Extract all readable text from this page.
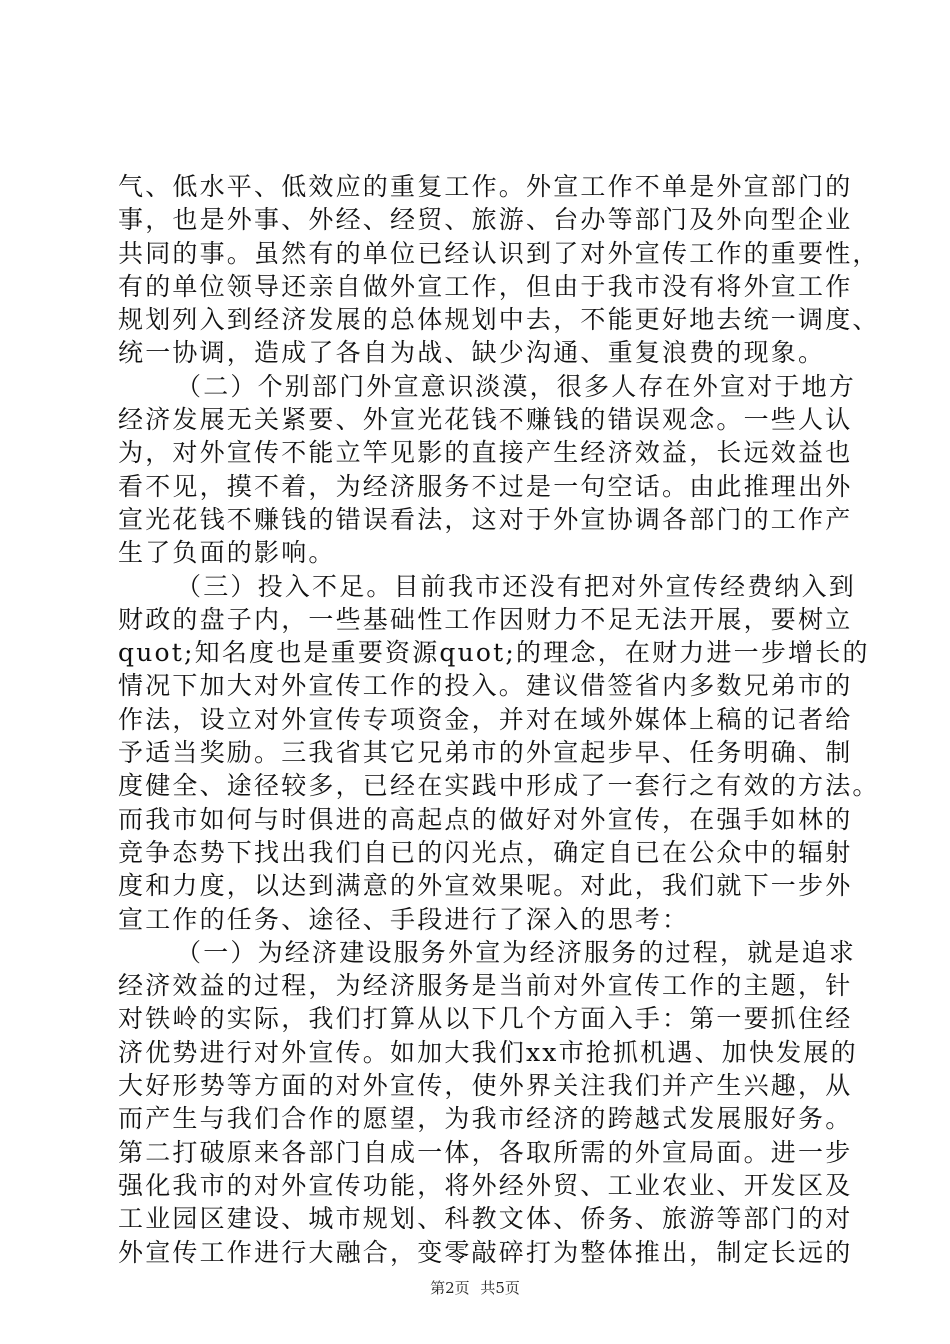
气、低水平、低效应的重复工作。外宣工作不单是外宣部门的
事，也是外事、外经、经贸、旅游、台办等部门及外向型企业
共同的事。虽然有的单位已经认识到了对外宣传工作的重要性，
有的单位领导还亲自做外宣工作，但由于我市没有将外宣工作
规划列入到经济发展的总体规划中去，不能更好地去统一调度、
统一协调，造成了各自为战、缺少沟通、重复浪费的现象。
（二）个别部门外宣意识淡漠，很多人存在外宣对于地方
经济发展无关紧要、外宣光花钱不赚钱的错误观念。一些人认
为，对外宣传不能立竿见影的直接产生经济效益，长远效益也
看不见，摸不着，为经济服务不过是一句空话。由此推理出外
宣光花钱不赚钱的错误看法，这对于外宣协调各部门的工作产
生了负面的影响。
（三）投入不足。目前我市还没有把对外宣传经费纳入到
财政的盘子内，一些基础性工作因财力不足无法开展，要树立
quot;知名度也是重要资源quot;的理念，在财力进一步增长的
情况下加大对外宣传工作的投入。建议借签省内多数兄弟市的
作法，设立对外宣传专项资金，并对在域外媒体上稿的记者给
予适当奖励。三我省其它兄弟市的外宣起步早、任务明确、制
度健全、途径较多，已经在实践中形成了一套行之有效的方法。
而我市如何与时俱进的高起点的做好对外宣传，在强手如林的
竞争态势下找出我们自已的闪光点，确定自已在公众中的辐射
度和力度，以达到满意的外宣效果呢。对此，我们就下一步外
宣工作的任务、途径、手段进行了深入的思考：
（一）为经济建设服务外宣为经济服务的过程，就是追求
经济效益的过程，为经济服务是当前对外宣传工作的主题，针
对铁岭的实际，我们打算从以下几个方面入手：第一要抓住经
济优势进行对外宣传。如加大我们xx市抢抓机遇、加快发展的
大好形势等方面的对外宣传，使外界关注我们并产生兴趣，从
而产生与我们合作的愿望，为我市经济的跨越式发展服好务。
第二打破原来各部门自成一体，各取所需的外宣局面。进一步
强化我市的对外宣传功能，将外经外贸、工业农业、开发区及
工业园区建设、城市规划、科教文体、侨务、旅游等部门的对
外宣传工作进行大融合，变零敲碎打为整体推出，制定长远的
第2页 共5页
